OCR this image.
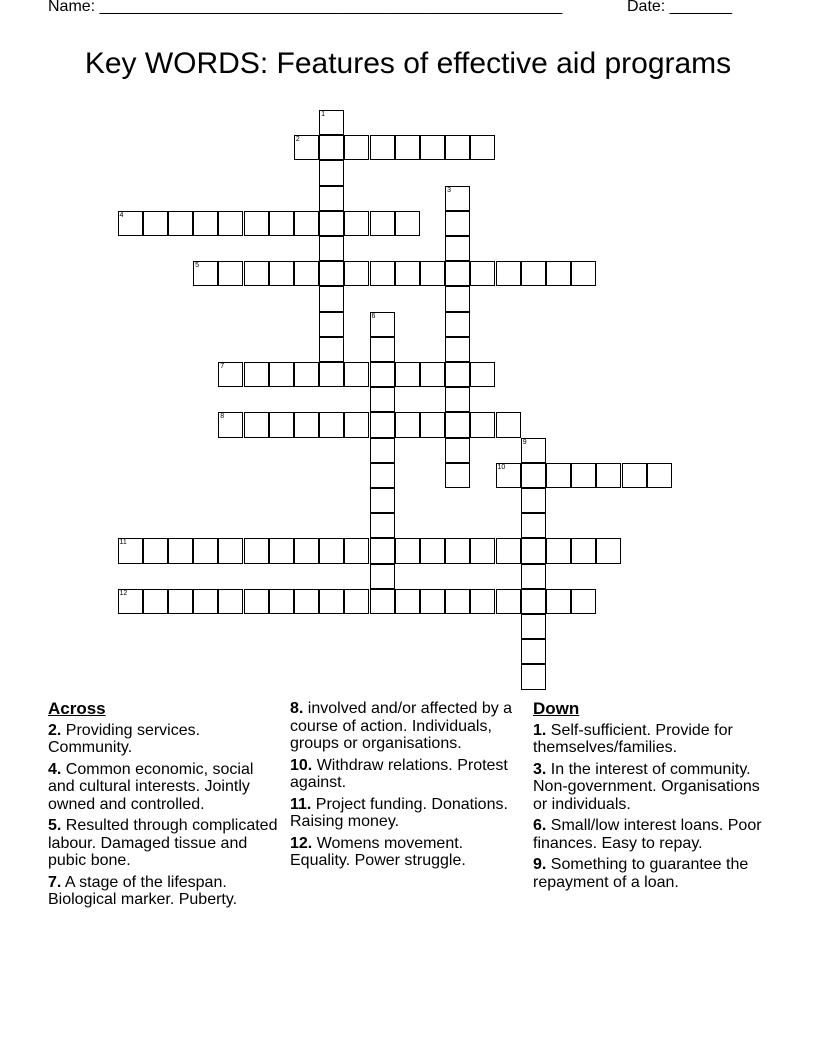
Name: ____________________________________________________	Date: _______
Key WORDS: Features of effective aid programs
1
2
3
4
5
6
7
8
9
10
11
12
Across
2. Providing services. Community.
4. Common economic, social and cultural interests. Jointly owned and controlled.
5. Resulted through complicated labour. Damaged tissue and pubic bone.
7. A stage of the lifespan. Biological marker. Puberty.
8. involved and/or affected by a course of action. Individuals, groups or organisations.
10. Withdraw relations. Protest against.
11. Project funding. Donations. Raising money.
12. Womens movement. Equality. Power struggle.
Down
1. Self-sufficient. Provide for themselves/families.
3. In the interest of community. Non-government. Organisations or individuals.
6. Small/low interest loans. Poor finances. Easy to repay.
9. Something to guarantee the repayment of a loan.
